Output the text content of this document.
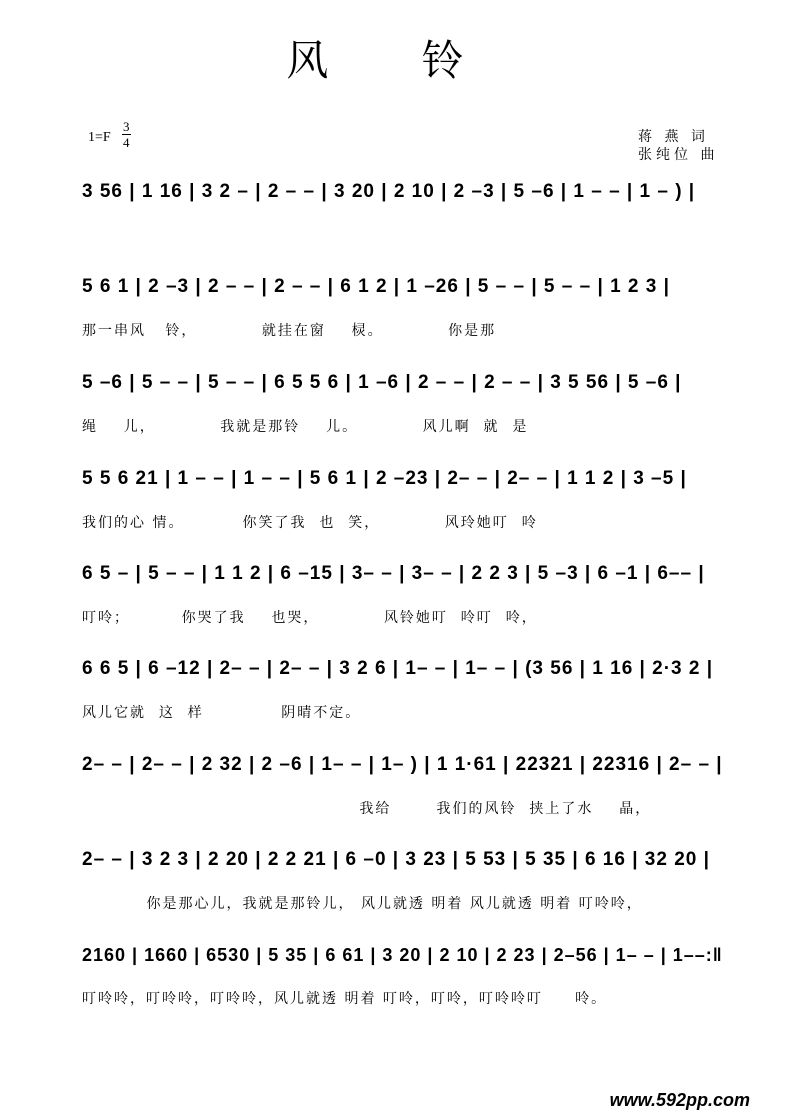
风 铃
1=F
3
4	蒋 燕 词
张纯位 曲
3 56 | 1 16 | 3 2 – | 2 – – | 3 20 | 2 10 | 2 –3 | 5 –6 | 1 – – | 1 – ) |
5 6 1 | 2 –3 | 2 – – | 2 – – | 6 1 2 | 1 –26 | 5 – – | 5 – – | 1 2 3 |
那一串风   铃，          就挂在窗    棂。          你是那
5 –6 | 5 – – | 5 – – | 6 5 5 6 | 1 –6 | 2 – – | 2 – – | 3 5 56 | 5 –6 |
绳    儿，          我就是那铃    儿。          风儿啊  就  是
5 5 6 21 | 1 – – | 1 – – | 5 6 1 | 2 –23 | 2– – | 2– – | 1 1 2 | 3 –5 |
我们的心 情。         你笑了我  也  笑，          风玲她叮  呤
6 5 – | 5 – – | 1 1 2 | 6 –15 | 3– – | 3– – | 2 2 3 | 5 –3 | 6 –1 | 6–– |
叮呤；        你哭了我    也哭，          风铃她叮  呤叮  呤，
6 6 5 | 6 –12 | 2– – | 2– – | 3 2 6 | 1– – | 1– – | (3 56 | 1 16 | 2·3 2 |
风儿它就  这  样            阴晴不定。
2– – | 2– – | 2 32 | 2 –6 | 1– – | 1– ) | 1 1·61 | 22321 | 22316 | 2– – |
我给       我们的风铃  挟上了水    晶，
2– – | 3 2 3 | 2 20 | 2 2 21 | 6 –0 | 3 23 | 5 53 | 5 35 | 6 16 | 32 20 |
你是那心儿，我就是那铃儿， 风儿就透 明着 风儿就透 明着 叮呤呤，
2160 | 1660 | 6530 | 5 35 | 6 61 | 3 20 | 2 10 | 2 23 | 2–56 | 1– – | 1––:‖
叮呤呤，叮呤呤，叮呤呤，风儿就透 明着 叮呤，叮呤，叮呤呤叮     呤。
www.592pp.com
